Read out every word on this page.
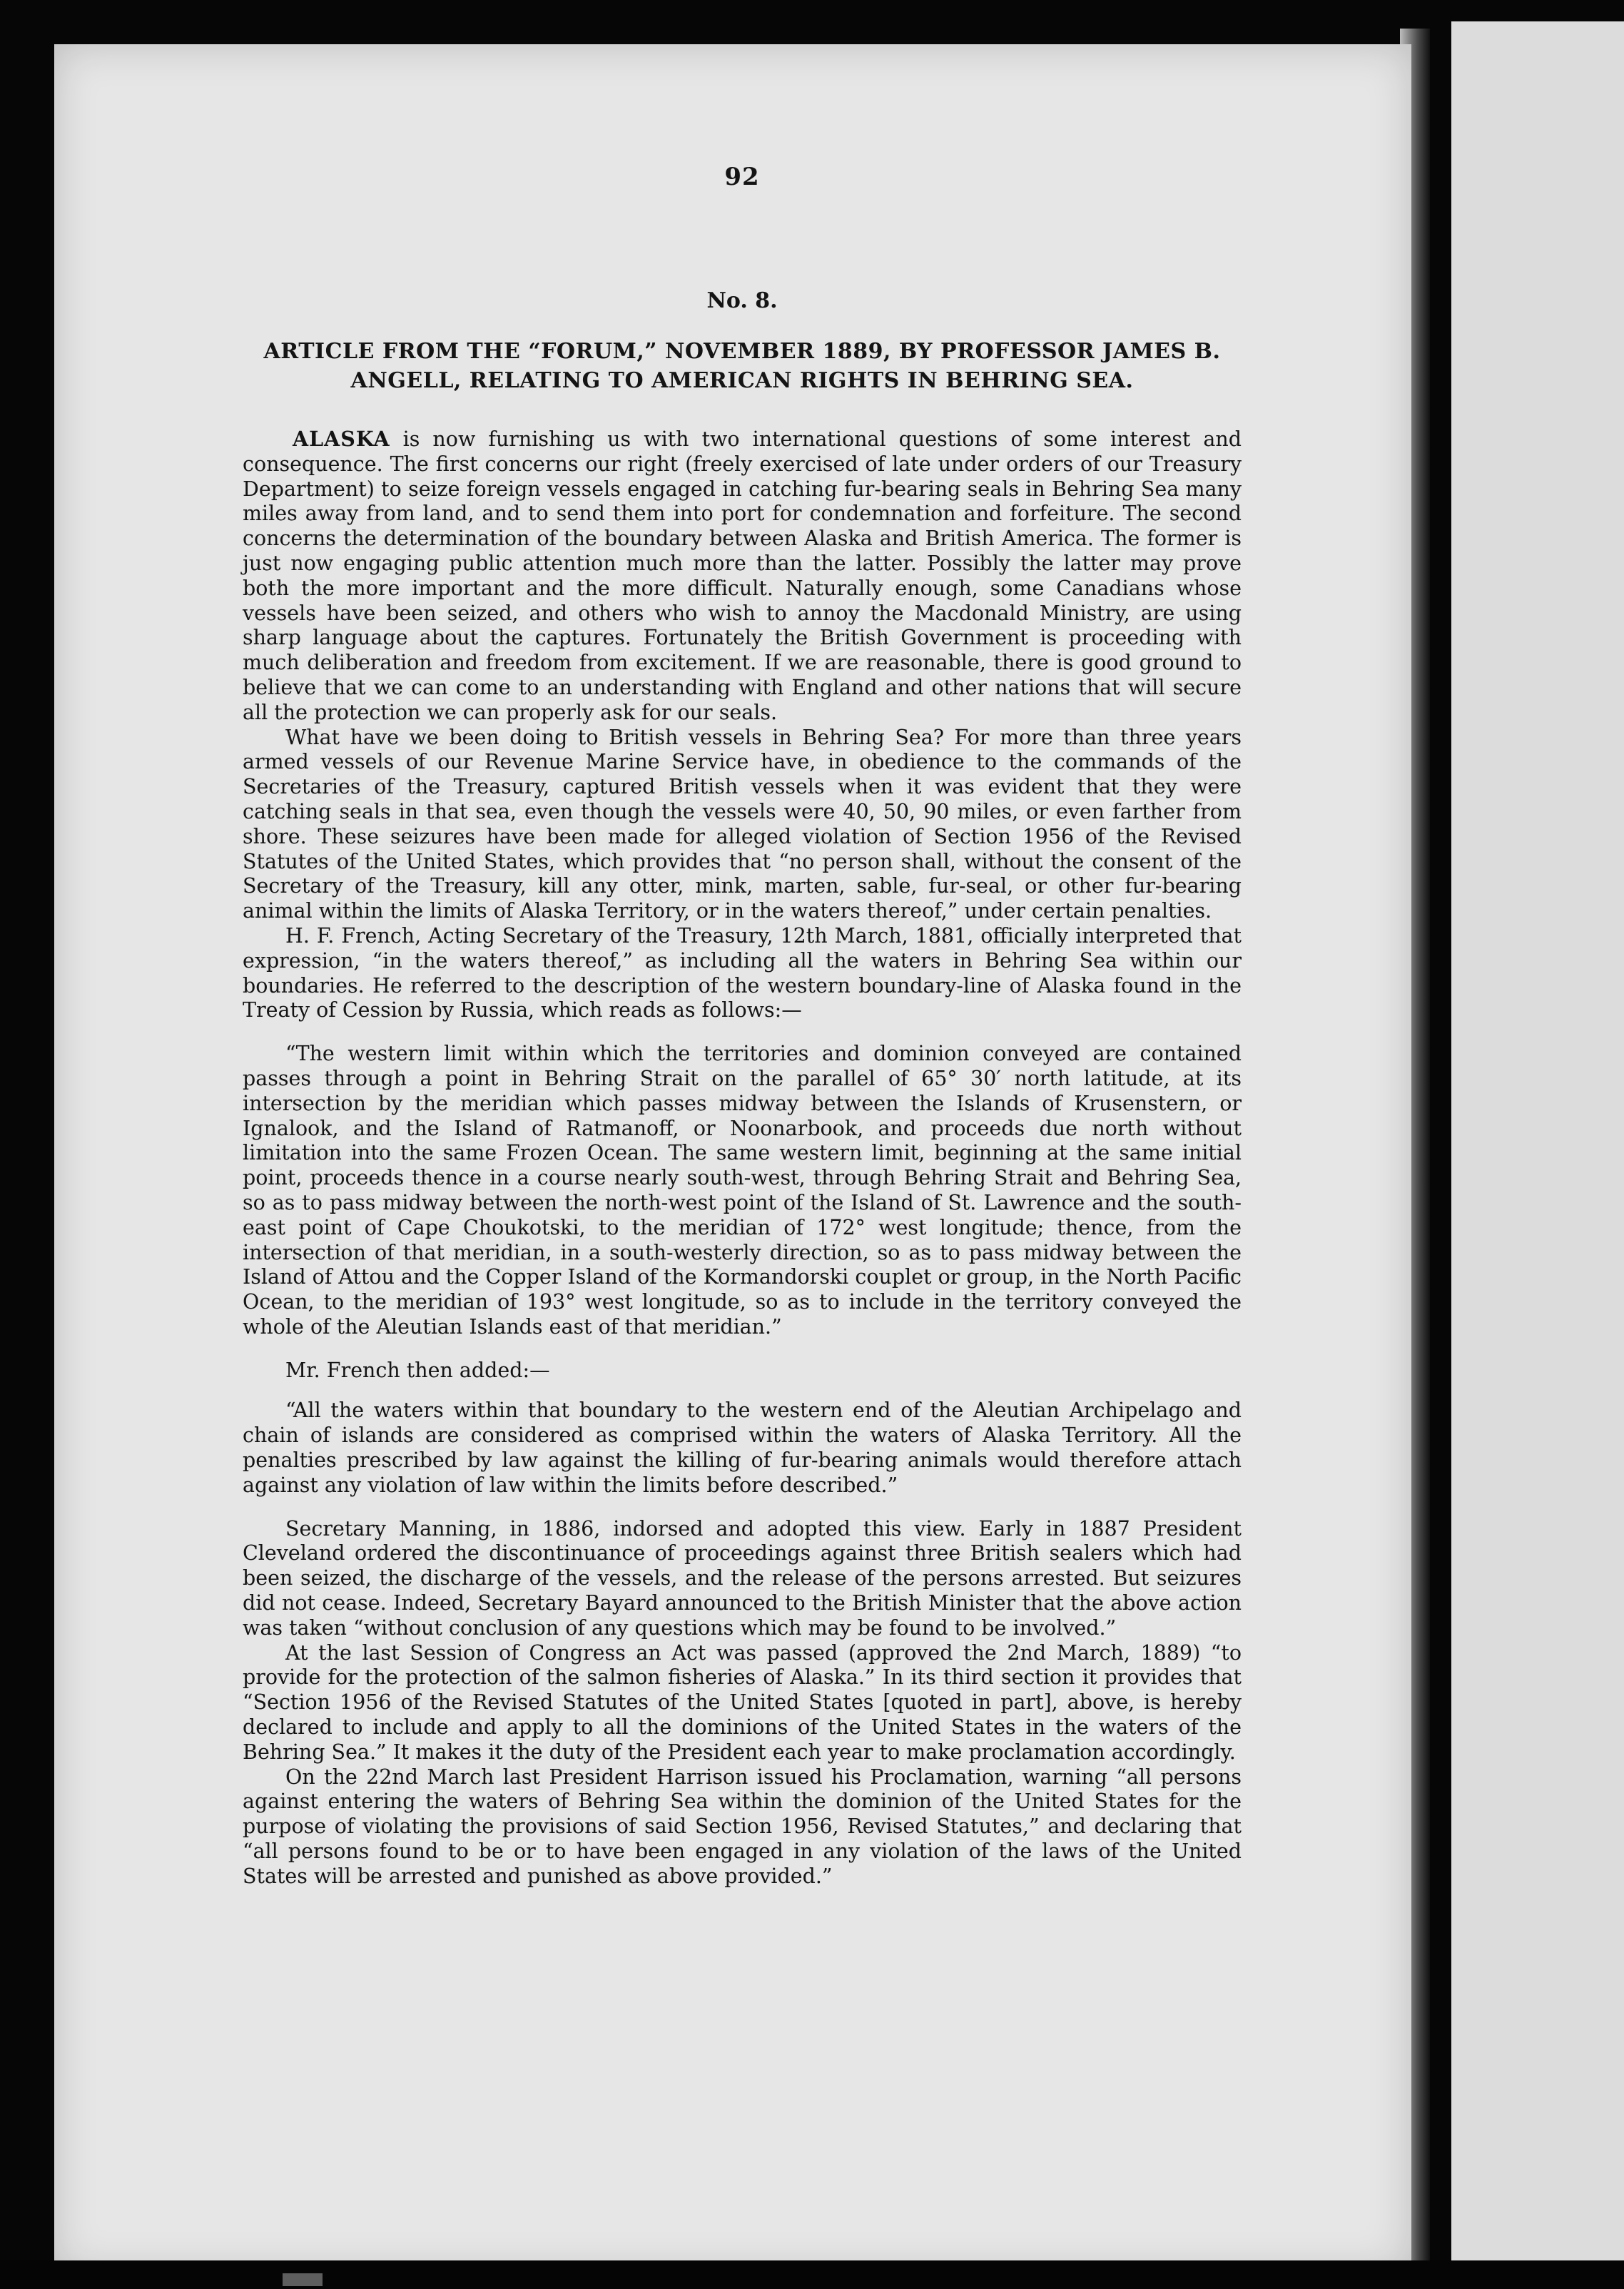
92
No. 8.
ARTICLE FROM THE “FORUM,” NOVEMBER 1889, BY PROFESSOR JAMES B. ANGELL, RELATING TO AMERICAN RIGHTS IN BEHRING SEA.

ALASKA is now furnishing us with two international questions of some interest and consequence. The first concerns our right (freely exercised of late under orders of our Treasury Department) to seize foreign vessels engaged in catching fur-bearing seals in Behring Sea many miles away from land, and to send them into port for condemnation and forfeiture. The second concerns the determination of the boundary between Alaska and British America. The former is just now engaging public attention much more than the latter. Possibly the latter may prove both the more important and the more difficult. Naturally enough, some Canadians whose vessels have been seized, and others who wish to annoy the Macdonald Ministry, are using sharp language about the captures. Fortunately the British Government is proceeding with much deliberation and freedom from excitement. If we are reasonable, there is good ground to believe that we can come to an understanding with England and other nations that will secure all the protection we can properly ask for our seals.

What have we been doing to British vessels in Behring Sea? For more than three years armed vessels of our Revenue Marine Service have, in obedience to the commands of the Secretaries of the Treasury, captured British vessels when it was evident that they were catching seals in that sea, even though the vessels were 40, 50, 90 miles, or even farther from shore. These seizures have been made for alleged violation of Section 1956 of the Revised Statutes of the United States, which provides that “no person shall, without the consent of the Secretary of the Treasury, kill any otter, mink, marten, sable, fur-seal, or other fur-bearing animal within the limits of Alaska Territory, or in the waters thereof,” under certain penalties.

H. F. French, Acting Secretary of the Treasury, 12th March, 1881, officially interpreted that expression, “in the waters thereof,” as including all the waters in Behring Sea within our boundaries. He referred to the description of the western boundary-line of Alaska found in the Treaty of Cession by Russia, which reads as follows:—

“The western limit within which the territories and dominion conveyed are contained passes through a point in Behring Strait on the parallel of 65° 30′ north latitude, at its intersection by the meridian which passes midway between the Islands of Krusenstern, or Ignalook, and the Island of Ratmanoff, or Noonarbook, and proceeds due north without limitation into the same Frozen Ocean. The same western limit, beginning at the same initial point, proceeds thence in a course nearly south-west, through Behring Strait and Behring Sea, so as to pass midway between the north-west point of the Island of St. Lawrence and the south-east point of Cape Choukotski, to the meridian of 172° west longitude; thence, from the intersection of that meridian, in a south-westerly direction, so as to pass midway between the Island of Attou and the Copper Island of the Kormandorski couplet or group, in the North Pacific Ocean, to the meridian of 193° west longitude, so as to include in the territory conveyed the whole of the Aleutian Islands east of that meridian.”

Mr. French then added:—

“All the waters within that boundary to the western end of the Aleutian Archipelago and chain of islands are considered as comprised within the waters of Alaska Territory. All the penalties prescribed by law against the killing of fur-bearing animals would therefore attach against any violation of law within the limits before described.”

Secretary Manning, in 1886, indorsed and adopted this view. Early in 1887 President Cleveland ordered the discontinuance of proceedings against three British sealers which had been seized, the discharge of the vessels, and the release of the persons arrested. But seizures did not cease. Indeed, Secretary Bayard announced to the British Minister that the above action was taken “without conclusion of any questions which may be found to be involved.”

At the last Session of Congress an Act was passed (approved the 2nd March, 1889) “to provide for the protection of the salmon fisheries of Alaska.” In its third section it provides that “Section 1956 of the Revised Statutes of the United States [quoted in part], above, is hereby declared to include and apply to all the dominions of the United States in the waters of the Behring Sea.” It makes it the duty of the President each year to make proclamation accordingly.

On the 22nd March last President Harrison issued his Proclamation, warning “all persons against entering the waters of Behring Sea within the dominion of the United States for the purpose of violating the provisions of said Section 1956, Revised Statutes,” and declaring that “all persons found to be or to have been engaged in any violation of the laws of the United States will be arrested and punished as above provided.”
